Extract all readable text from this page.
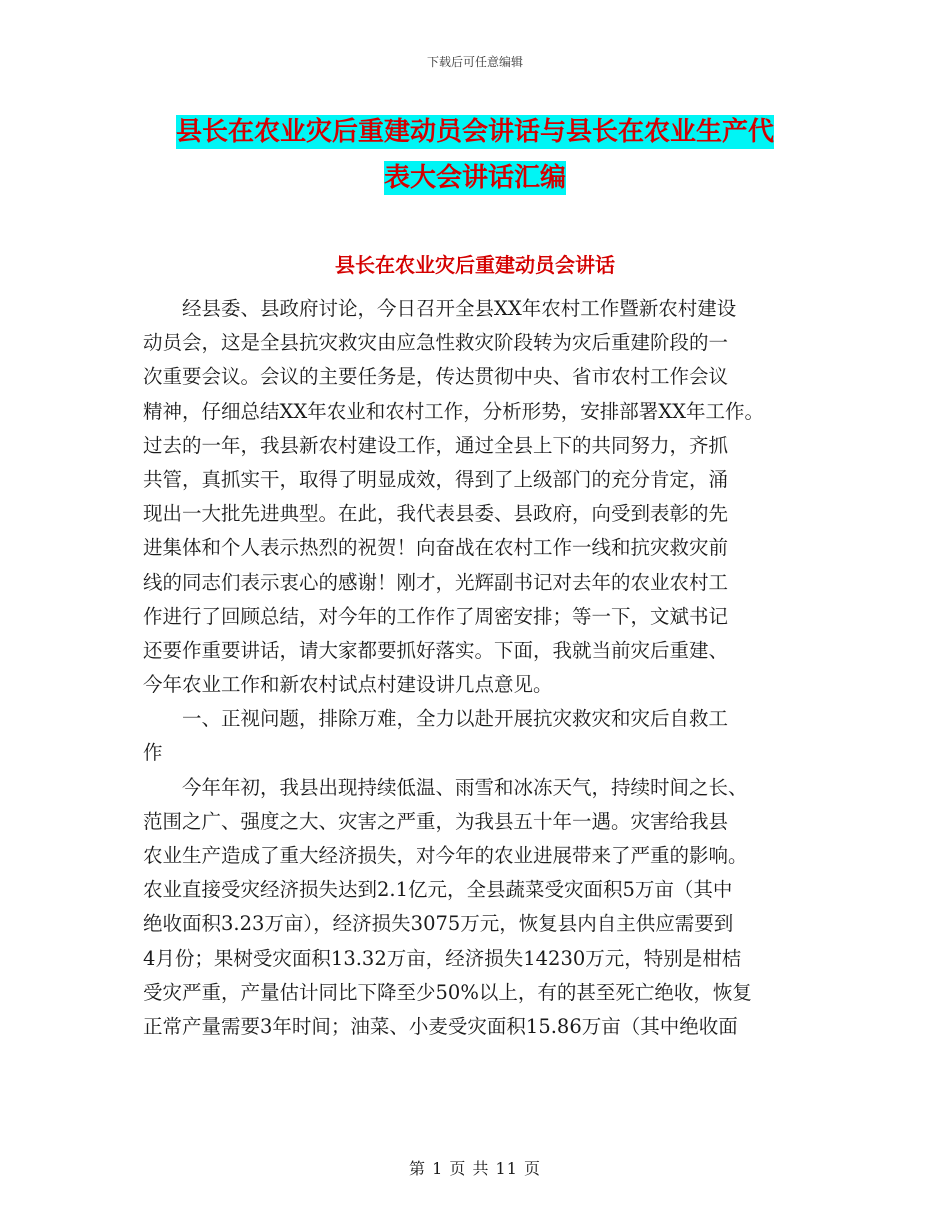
下载后可任意编辑
县长在农业灾后重建动员会讲话与县长在农业生产代
表大会讲话汇编
县长在农业灾后重建动员会讲话
　　经县委、县政府讨论，今日召开全县XX年农村工作暨新农村建设
动员会，这是全县抗灾救灾由应急性救灾阶段转为灾后重建阶段的一
次重要会议。会议的主要任务是，传达贯彻中央、省市农村工作会议
精神，仔细总结XX年农业和农村工作，分析形势，安排部署XX年工作。
过去的一年，我县新农村建设工作，通过全县上下的共同努力，齐抓
共管，真抓实干，取得了明显成效，得到了上级部门的充分肯定，涌
现出一大批先进典型。在此，我代表县委、县政府，向受到表彰的先
进集体和个人表示热烈的祝贺！向奋战在农村工作一线和抗灾救灾前
线的同志们表示衷心的感谢！刚才，光辉副书记对去年的农业农村工
作进行了回顾总结，对今年的工作作了周密安排；等一下，文斌书记
还要作重要讲话，请大家都要抓好落实。下面，我就当前灾后重建、
今年农业工作和新农村试点村建设讲几点意见。
　　一、正视问题，排除万难，全力以赴开展抗灾救灾和灾后自救工
作
　　今年年初，我县出现持续低温、雨雪和冰冻天气，持续时间之长、
范围之广、强度之大、灾害之严重，为我县五十年一遇。灾害给我县
农业生产造成了重大经济损失，对今年的农业进展带来了严重的影响。
农业直接受灾经济损失达到2.1亿元，全县蔬菜受灾面积5万亩（其中
绝收面积3.23万亩），经济损失3075万元，恢复县内自主供应需要到
4月份；果树受灾面积13.32万亩，经济损失14230万元，特别是柑桔
受灾严重，产量估计同比下降至少50%以上，有的甚至死亡绝收，恢复
正常产量需要3年时间；油菜、小麦受灾面积15.86万亩（其中绝收面
第 1 页 共 11 页
